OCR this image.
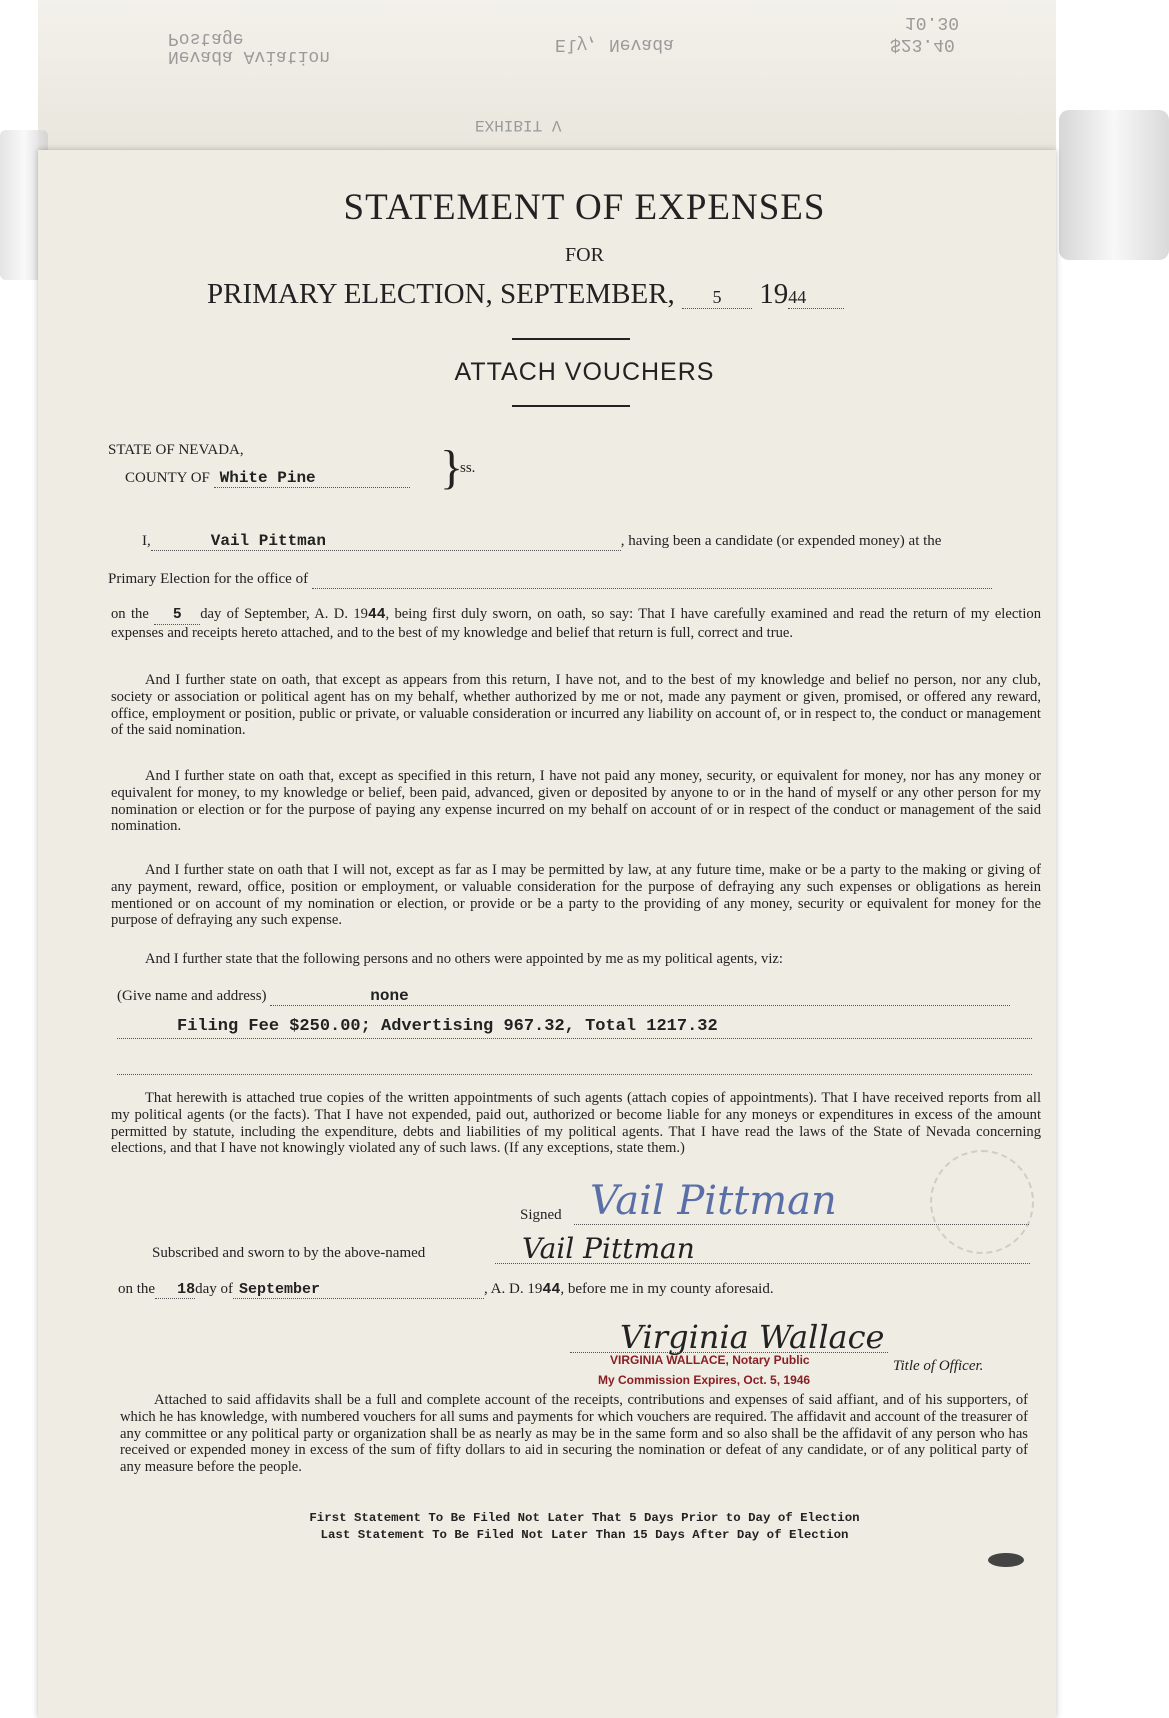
Postage
Nevada Aviation
Ely, Nevada	$23.40
10.30
EXHIBIT V
STATEMENT OF EXPENSES
FOR
PRIMARY ELECTION, SEPTEMBER, 5 1944
ATTACH VOUCHERS
STATE OF NEVADA,
COUNTY OF White Pine	}
ss.
I,	Vail Pittman	, having been a candidate (or expended money) at the
Primary Election for the office of
on the 5 day of September, A. D. 1944, being first duly sworn, on oath, so say: That I have carefully examined and read the return of my election expenses and receipts hereto attached, and to the best of my knowledge and belief that return is full, correct and true.
And I further state on oath, that except as appears from this return, I have not, and to the best of my knowledge and belief no person, nor any club, society or association or political agent has on my behalf, whether authorized by me or not, made any payment or given, promised, or offered any reward, office, employment or position, public or private, or valuable consideration or incurred any liability on account of, or in respect to, the conduct or management of the said nomination.
And I further state on oath that, except as specified in this return, I have not paid any money, security, or equivalent for money, nor has any money or equivalent for money, to my knowledge or belief, been paid, advanced, given or deposited by anyone to or in the hand of myself or any other person for my nomination or election or for the purpose of paying any expense incurred on my behalf on account of or in respect of the conduct or management of the said nomination.
And I further state on oath that I will not, except as far as I may be permitted by law, at any future time, make or be a party to the making or giving of any payment, reward, office, position or employment, or valuable consideration for the purpose of defraying any such expenses or obligations as herein mentioned or on account of my nomination or election, or provide or be a party to the providing of any money, security or equivalent for money for the purpose of defraying any such expense.
And I further state that the following persons and no others were appointed by me as my political agents, viz:
(Give name and address)	none
Filing Fee $250.00; Advertising 967.32, Total 1217.32
That herewith is attached true copies of the written appointments of such agents (attach copies of appointments). That I have received reports from all my political agents (or the facts). That I have not expended, paid out, authorized or become liable for any moneys or expenditures in excess of the amount permitted by statute, including the expenditure, debts and liabilities of my political agents. That I have read the laws of the State of Nevada concerning elections, and that I have not knowingly violated any of such laws. (If any exceptions, state them.)
Signed Vail Pittman
Subscribed and sworn to by the above-named	Vail Pittman
on the 18day of September	, A. D. 1944, before me in my county aforesaid.
Virginia Wallace
VIRGINIA WALLACE, Notary Public
My Commission Expires, Oct. 5, 1946
Title of Officer.
Attached to said affidavits shall be a full and complete account of the receipts, contributions and expenses of said affiant, and of his supporters, of which he has knowledge, with numbered vouchers for all sums and payments for which vouchers are required. The affidavit and account of the treasurer of any committee or any political party or organization shall be as nearly as may be in the same form and so also shall be the affidavit of any person who has received or expended money in excess of the sum of fifty dollars to aid in securing the nomination or defeat of any candidate, or of any political party of any measure before the people.
First Statement To Be Filed Not Later That 5 Days Prior to Day of Election
Last Statement To Be Filed Not Later Than 15 Days After Day of Election
